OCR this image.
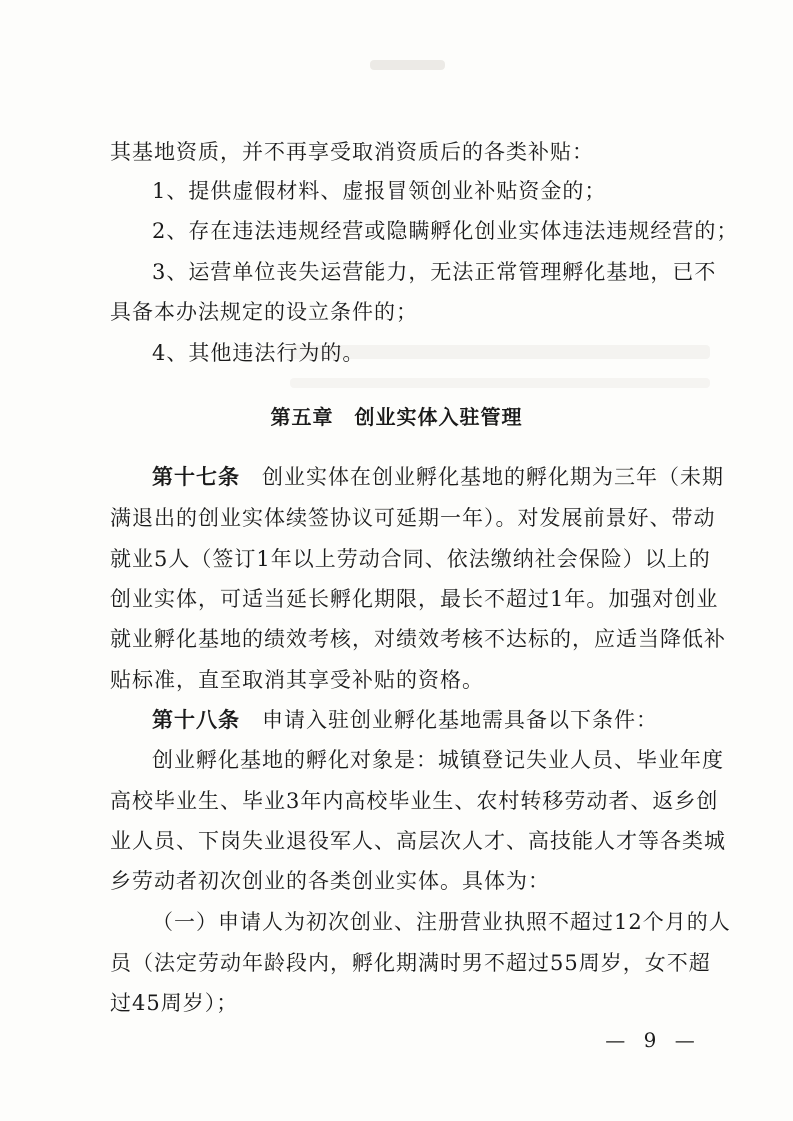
其基地资质，并不再享受取消资质后的各类补贴：
1、提供虚假材料、虚报冒领创业补贴资金的；
2、存在违法违规经营或隐瞒孵化创业实体违法违规经营的；
3、运营单位丧失运营能力，无法正常管理孵化基地，已不
具备本办法规定的设立条件的；
4、其他违法行为的。
第五章　创业实体入驻管理
第十七条　创业实体在创业孵化基地的孵化期为三年（未期
满退出的创业实体续签协议可延期一年）。对发展前景好、带动
就业5人（签订1年以上劳动合同、依法缴纳社会保险）以上的
创业实体，可适当延长孵化期限，最长不超过1年。加强对创业
就业孵化基地的绩效考核，对绩效考核不达标的，应适当降低补
贴标准，直至取消其享受补贴的资格。
第十八条　申请入驻创业孵化基地需具备以下条件：
创业孵化基地的孵化对象是：城镇登记失业人员、毕业年度
高校毕业生、毕业3年内高校毕业生、农村转移劳动者、返乡创
业人员、下岗失业退役军人、高层次人才、高技能人才等各类城
乡劳动者初次创业的各类创业实体。具体为：
（一）申请人为初次创业、注册营业执照不超过12个月的人
员（法定劳动年龄段内，孵化期满时男不超过55周岁，女不超
过45周岁）；
— 9 —
